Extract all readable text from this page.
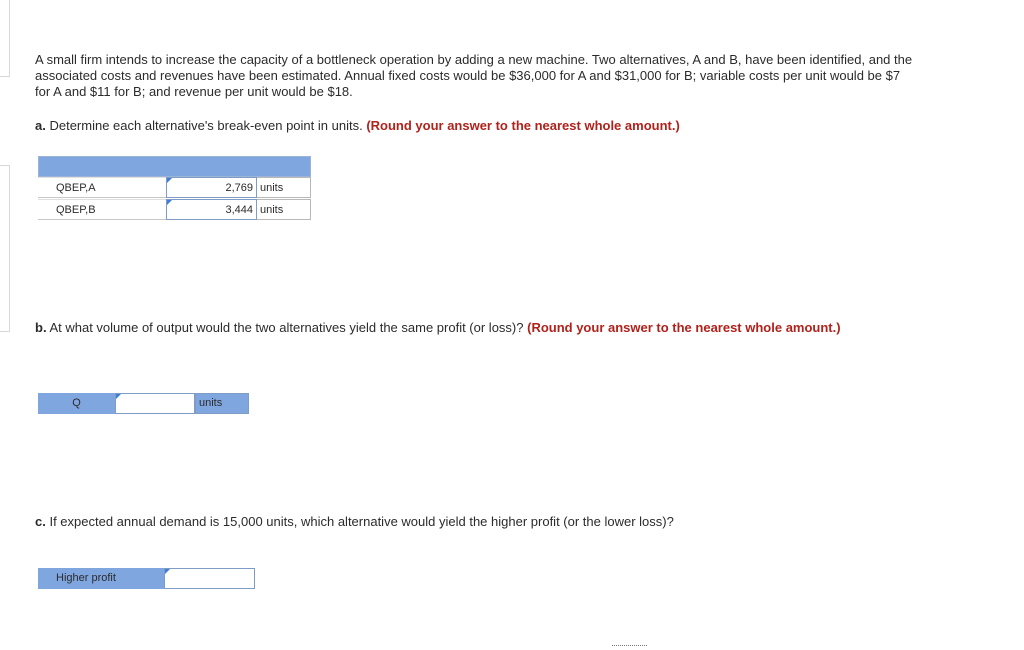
A small firm intends to increase the capacity of a bottleneck operation by adding a new machine. Two alternatives, A and B, have been identified, and the associated costs and revenues have been estimated. Annual fixed costs would be $36,000 for A and $31,000 for B; variable costs per unit would be $7 for A and $11 for B; and revenue per unit would be $18.
a. Determine each alternative's break-even point in units. (Round your answer to the nearest whole amount.)
QBEP,A	2,769 units
QBEP,B	3,444 units
b. At what volume of output would the two alternatives yield the same profit (or loss)? (Round your answer to the nearest whole amount.)
Q	units
c. If expected annual demand is 15,000 units, which alternative would yield the higher profit (or the lower loss)?
Higher profit
